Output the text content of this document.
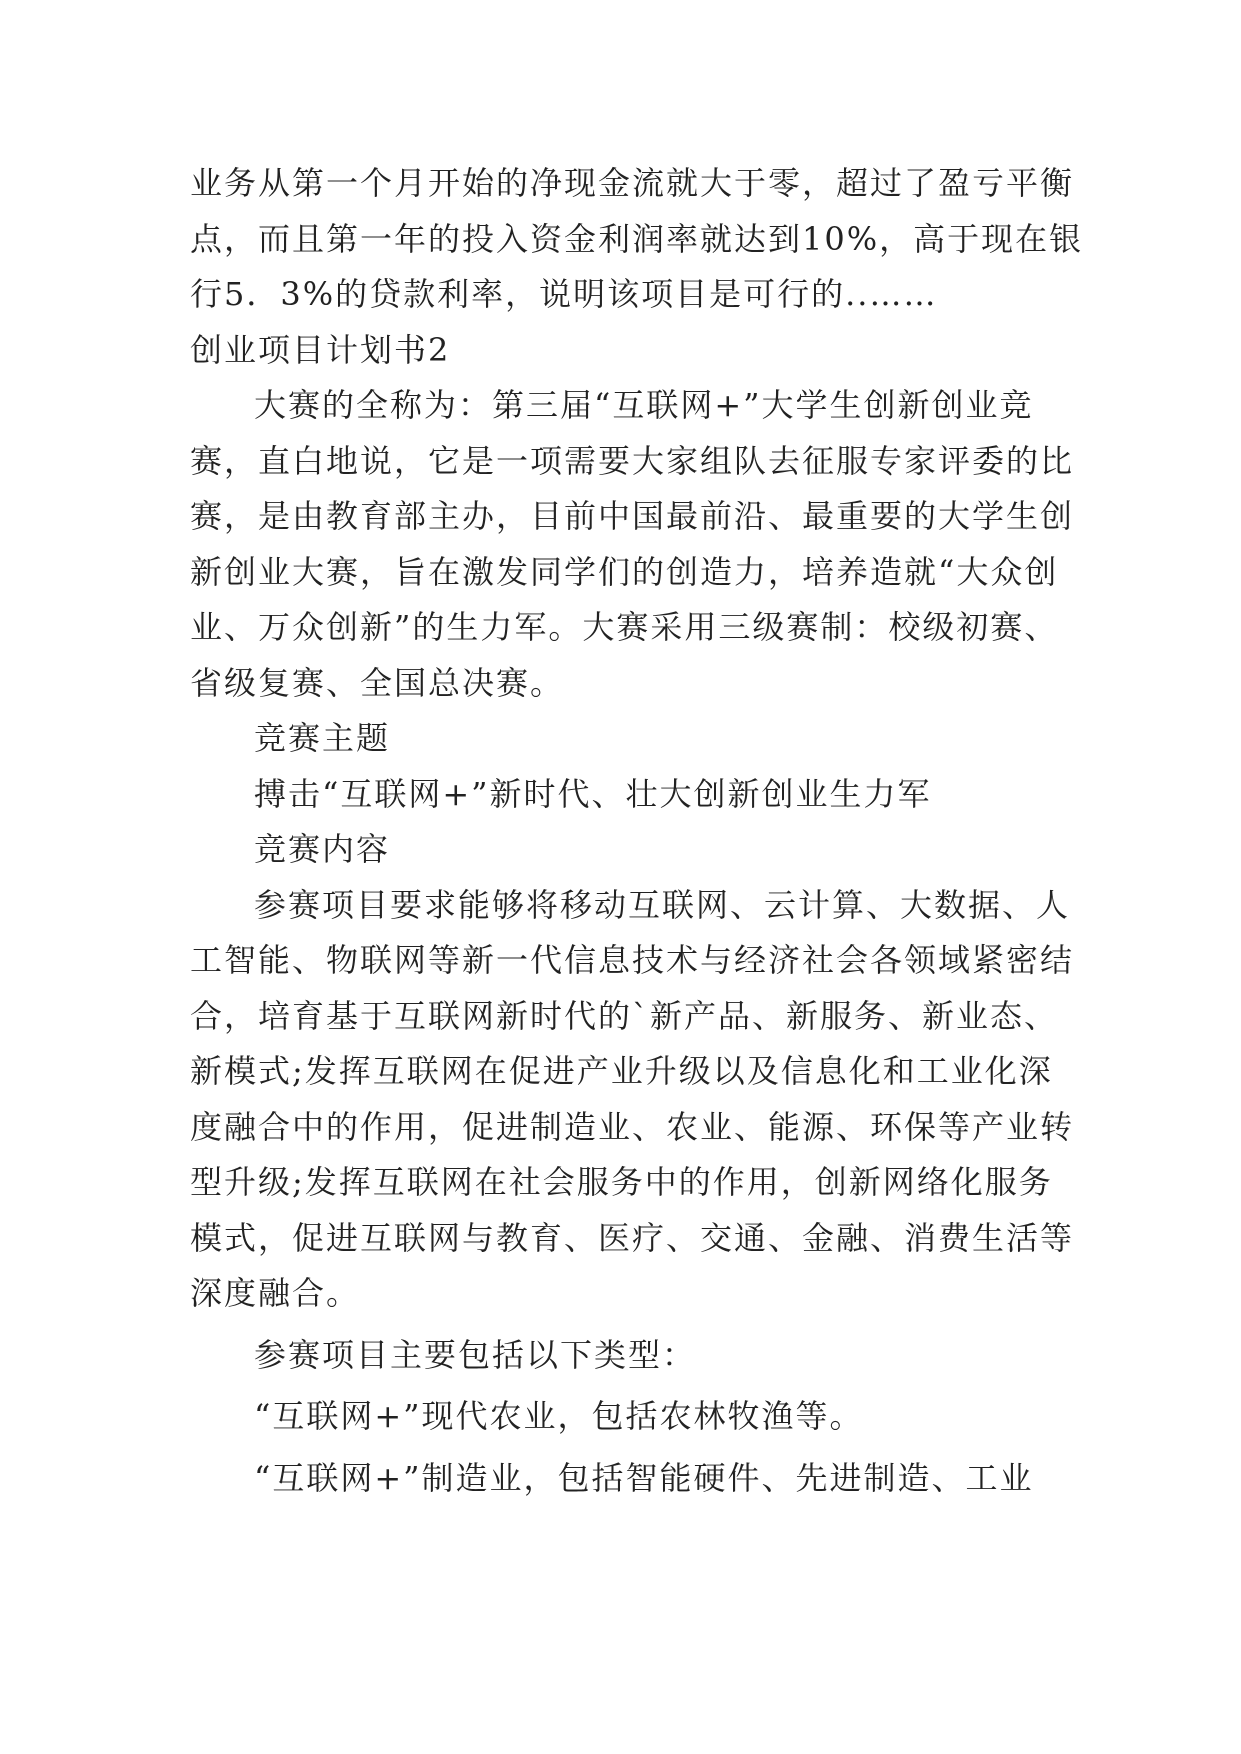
业务从第一个月开始的净现金流就大于零，超过了盈亏平衡
点，而且第一年的投入资金利润率就达到10%，高于现在银
行5．3%的贷款利率，说明该项目是可行的..……
创业项目计划书2
大赛的全称为：第三届“互联网+”大学生创新创业竞
赛，直白地说，它是一项需要大家组队去征服专家评委的比
赛，是由教育部主办，目前中国最前沿、最重要的大学生创
新创业大赛，旨在激发同学们的创造力，培养造就“大众创
业、万众创新”的生力军。大赛采用三级赛制：校级初赛、
省级复赛、全国总决赛。
竞赛主题
搏击“互联网+”新时代、壮大创新创业生力军
竞赛内容
参赛项目要求能够将移动互联网、云计算、大数据、人
工智能、物联网等新一代信息技术与经济社会各领域紧密结
合，培育基于互联网新时代的`新产品、新服务、新业态、
新模式;发挥互联网在促进产业升级以及信息化和工业化深
度融合中的作用，促进制造业、农业、能源、环保等产业转
型升级;发挥互联网在社会服务中的作用，创新网络化服务
模式，促进互联网与教育、医疗、交通、金融、消费生活等
深度融合。
参赛项目主要包括以下类型：
“互联网+”现代农业，包括农林牧渔等。
“互联网+”制造业，包括智能硬件、先进制造、工业
